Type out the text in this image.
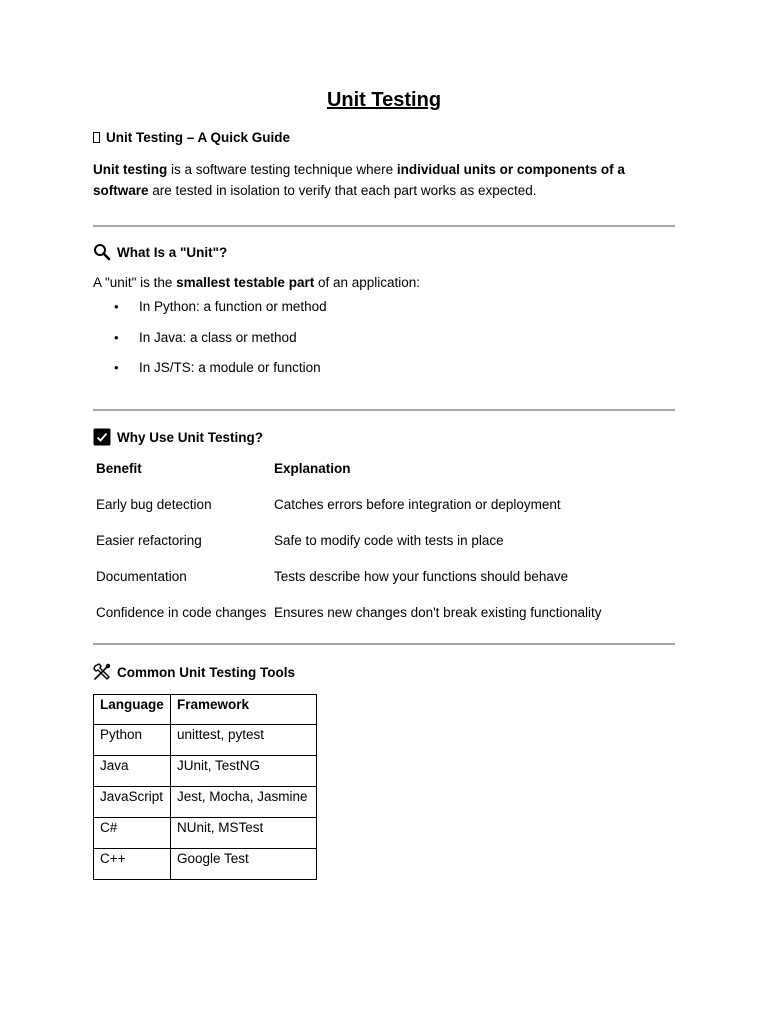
Unit Testing
Unit Testing – A Quick Guide
Unit testing is a software testing technique where individual units or components of a software are tested in isolation to verify that each part works as expected.
What Is a "Unit"?
A "unit" is the smallest testable part of an application:
• In Python: a function or method
• In Java: a class or method
• In JS/TS: a module or function
Why Use Unit Testing?
Benefit	Explanation
Early bug detection	Catches errors before integration or deployment
Easier refactoring	Safe to modify code with tests in place
Documentation	Tests describe how your functions should behave
Confidence in code changes	Ensures new changes don't break existing functionality
Common Unit Testing Tools
Language	Framework
Python	unittest, pytest
Java	JUnit, TestNG
JavaScript	Jest, Mocha, Jasmine
C#	NUnit, MSTest
C++	Google Test
